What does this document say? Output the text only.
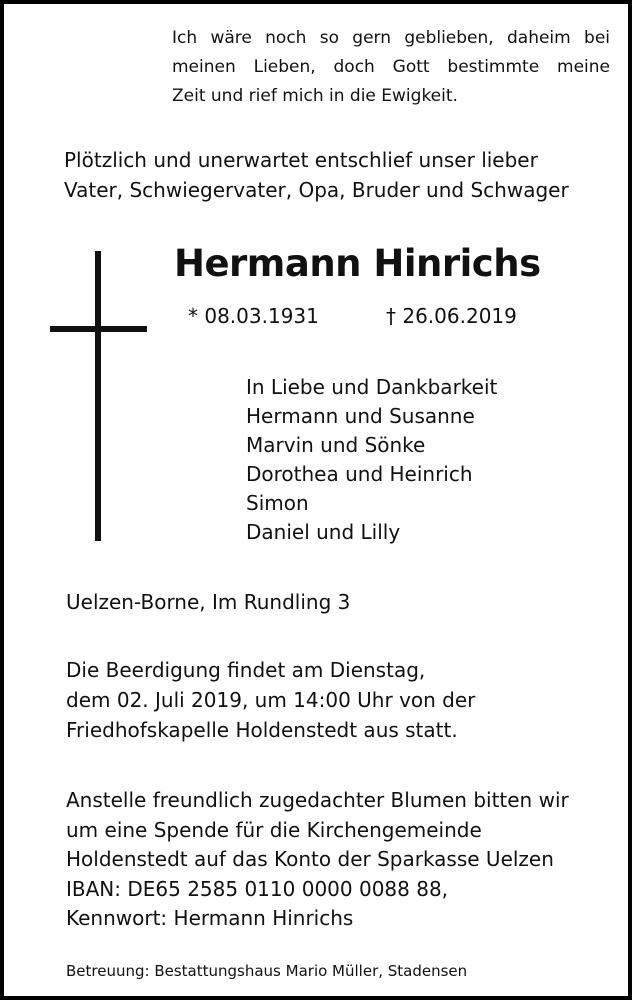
Ich wäre noch so gern geblieben, daheim bei
meinen Lieben, doch Gott bestimmte meine
Zeit und rief mich in die Ewigkeit.
Plötzlich und unerwartet entschlief unser lieber
Vater, Schwiegervater, Opa, Bruder und Schwager
Hermann Hinrichs
* 08.03.1931	† 26.06.2019
In Liebe und Dankbarkeit
Hermann und Susanne
Marvin und Sönke
Dorothea und Heinrich
Simon
Daniel und Lilly
Uelzen-Borne, Im Rundling 3
Die Beerdigung findet am Dienstag,
dem 02. Juli 2019, um 14:00 Uhr von der
Friedhofskapelle Holdenstedt aus statt.
Anstelle freundlich zugedachter Blumen bitten wir
um eine Spende für die Kirchengemeinde
Holdenstedt auf das Konto der Sparkasse Uelzen
IBAN: DE65 2585 0110 0000 0088 88,
Kennwort: Hermann Hinrichs
Betreuung: Bestattungshaus Mario Müller, Stadensen
